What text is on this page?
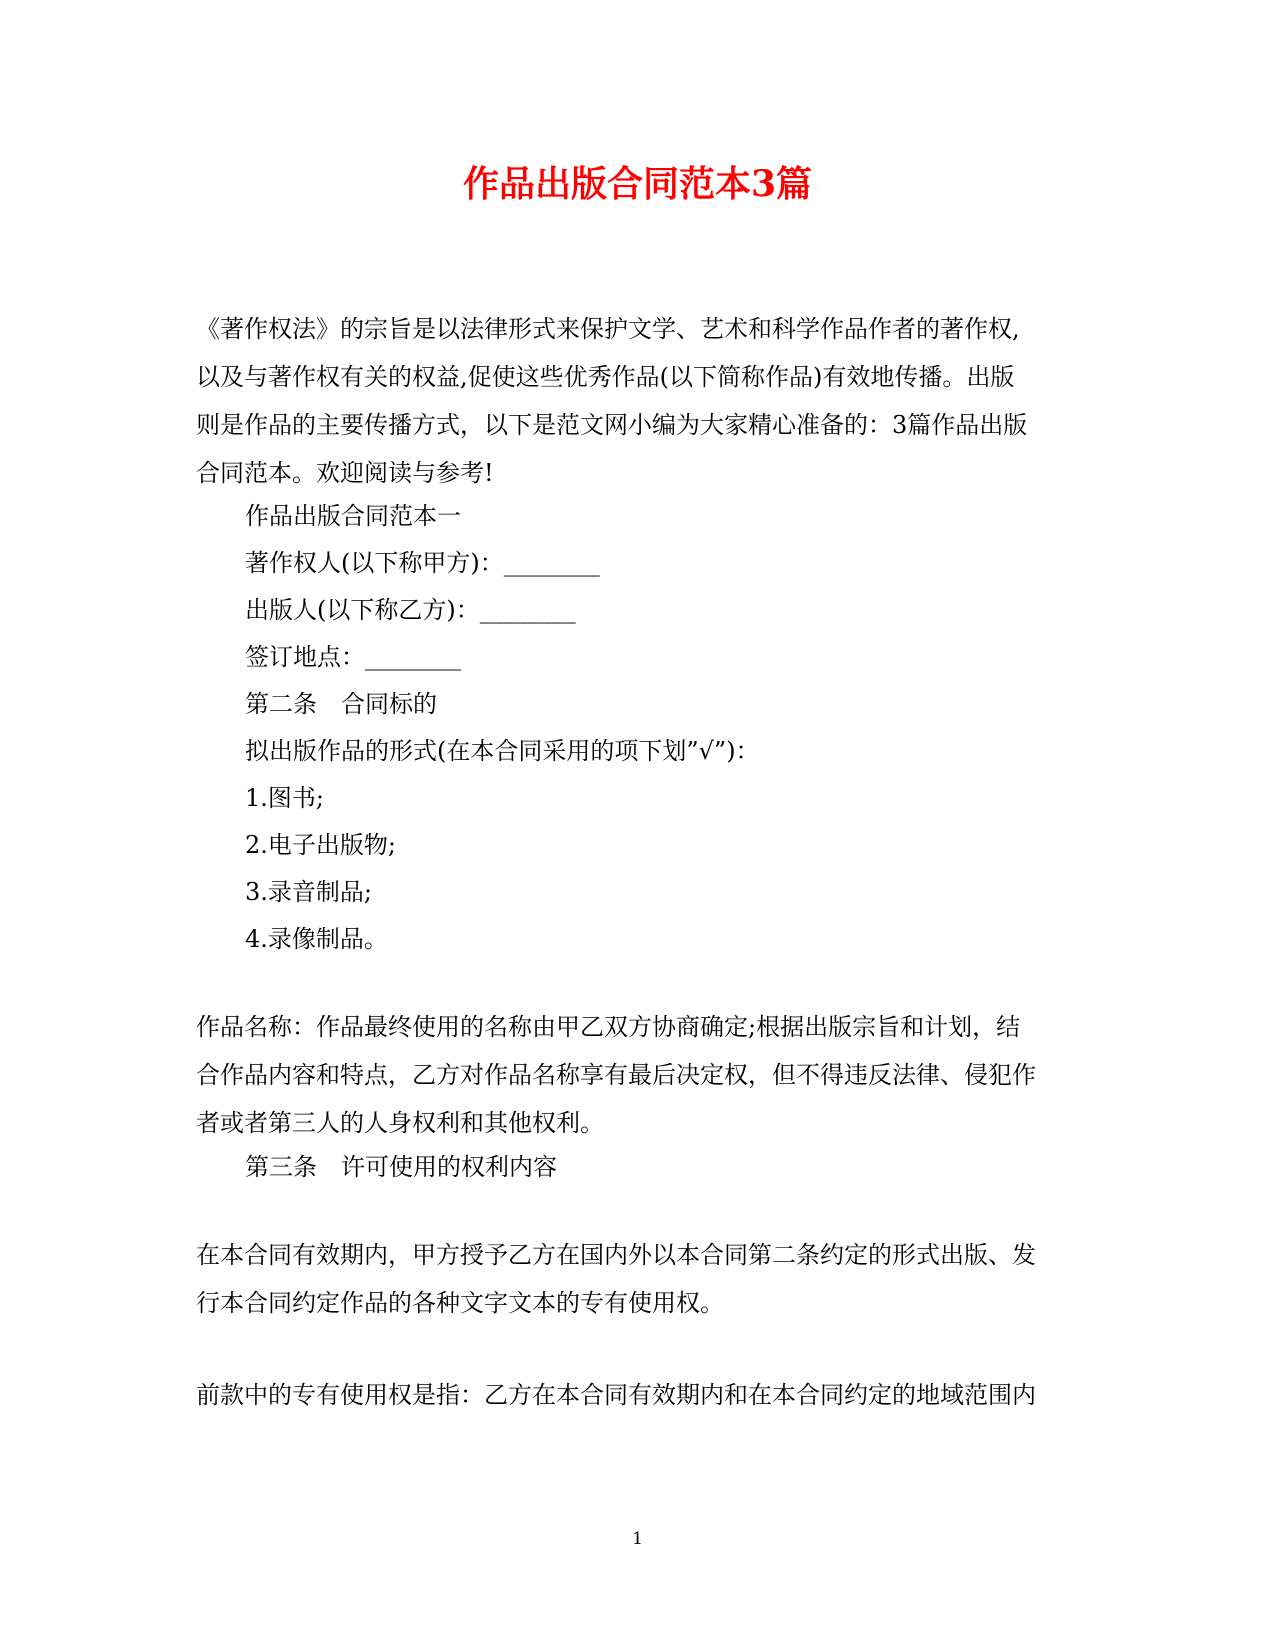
作品出版合同范本3篇
《著作权法》的宗旨是以法律形式来保护文学、艺术和科学作品作者的著作权,
以及与著作权有关的权益,促使这些优秀作品(以下简称作品)有效地传播。出版
则是作品的主要传播方式，以下是范文网小编为大家精心准备的：3篇作品出版
合同范本。欢迎阅读与参考!
作品出版合同范本一
著作权人(以下称甲方)：________
出版人(以下称乙方)：________
签订地点：________
第二条　合同标的
拟出版作品的形式(在本合同采用的项下划”√”)：
1.图书;
2.电子出版物;
3.录音制品;
4.录像制品。
作品名称：作品最终使用的名称由甲乙双方协商确定;根据出版宗旨和计划，结
合作品内容和特点，乙方对作品名称享有最后决定权，但不得违反法律、侵犯作
者或者第三人的人身权利和其他权利。
第三条　许可使用的权利内容
在本合同有效期内，甲方授予乙方在国内外以本合同第二条约定的形式出版、发
行本合同约定作品的各种文字文本的专有使用权。
前款中的专有使用权是指：乙方在本合同有效期内和在本合同约定的地域范围内
1
